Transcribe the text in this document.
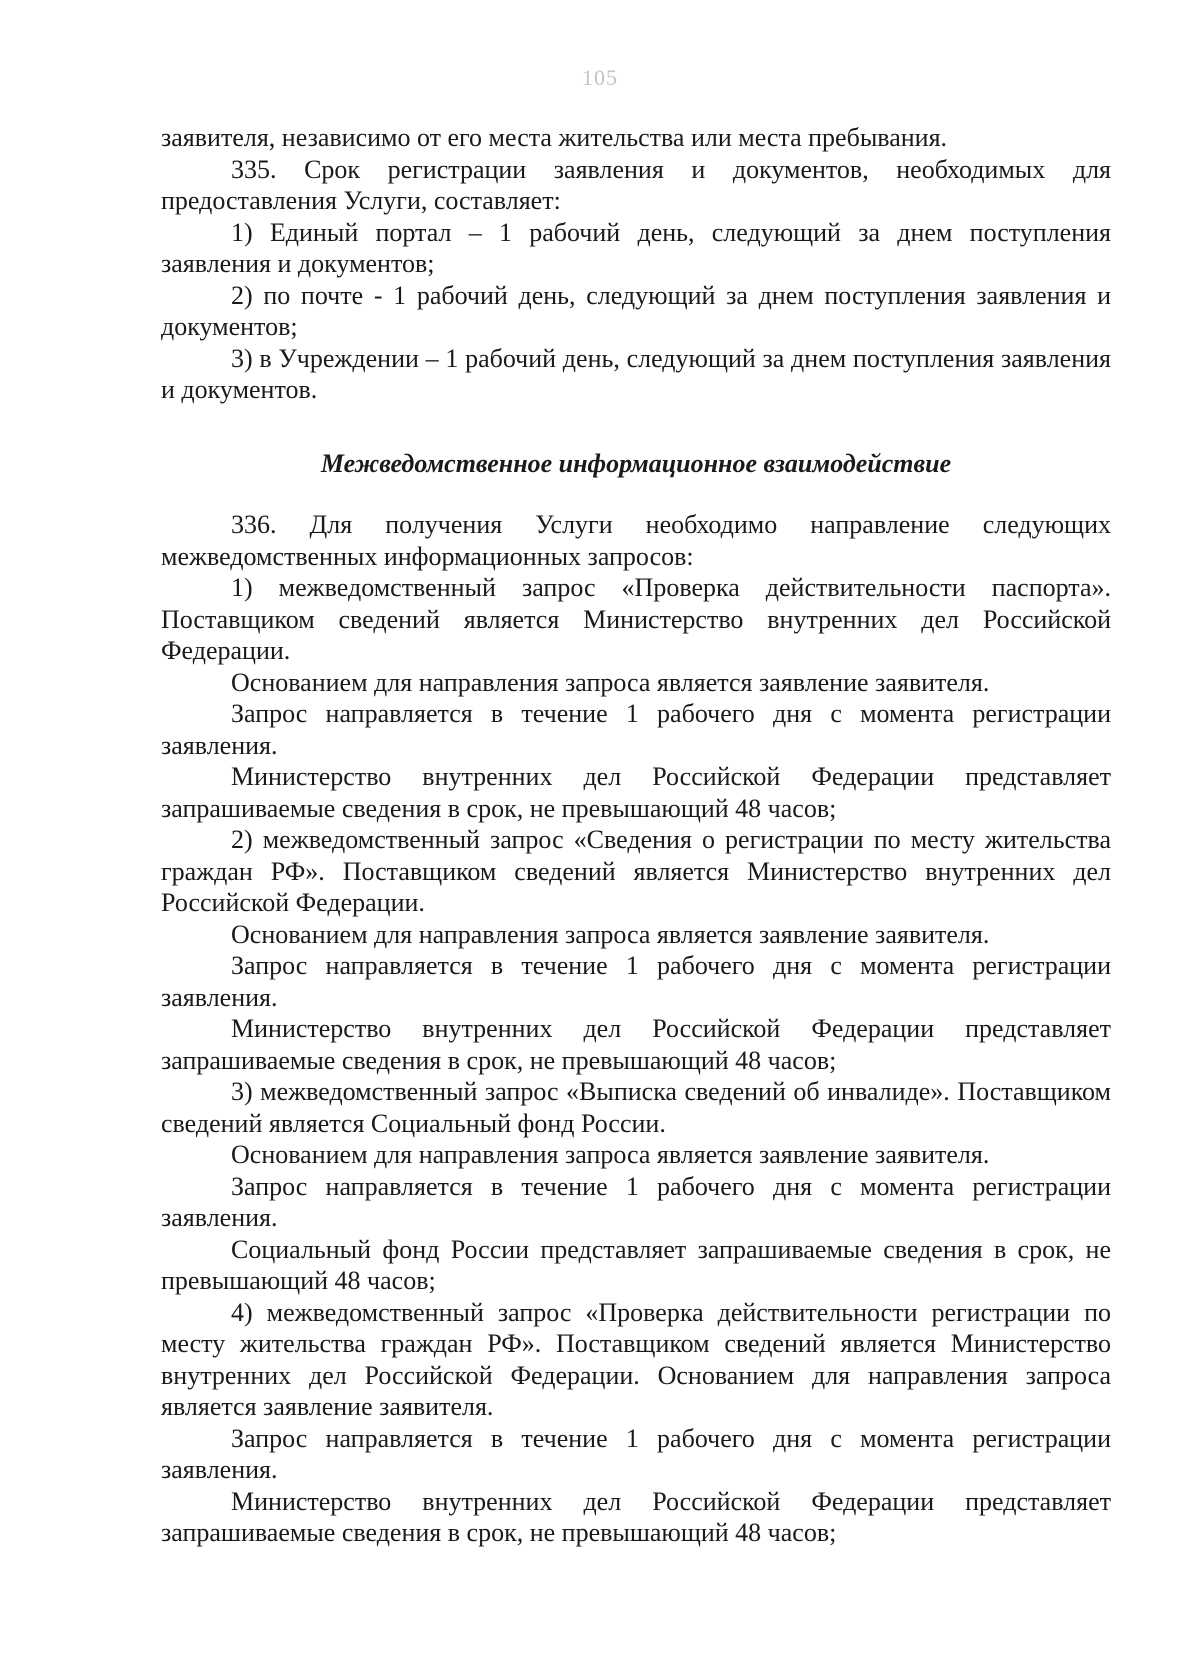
105

заявителя, независимо от его места жительства или места пребывания.

335. Срок регистрации заявления и документов, необходимых для предоставления Услуги, составляет:

1) Единый портал – 1 рабочий день, следующий за днем поступления заявления и документов;

2) по почте - 1 рабочий день, следующий за днем поступления заявления и документов;

3) в Учреждении – 1 рабочий день, следующий за днем поступления заявления и документов.

Межведомственное информационное взаимодействие

336. Для получения Услуги необходимо направление следующих межведомственных информационных запросов:

1) межведомственный запрос «Проверка действительности паспорта». Поставщиком сведений является Министерство внутренних дел Российской Федерации.

Основанием для направления запроса является заявление заявителя.

Запрос направляется в течение 1 рабочего дня с момента регистрации заявления.

Министерство внутренних дел Российской Федерации представляет запрашиваемые сведения в срок, не превышающий 48 часов;

2) межведомственный запрос «Сведения о регистрации по месту жительства граждан РФ». Поставщиком сведений является Министерство внутренних дел Российской Федерации.

Основанием для направления запроса является заявление заявителя.

Запрос направляется в течение 1 рабочего дня с момента регистрации заявления.

Министерство внутренних дел Российской Федерации представляет запрашиваемые сведения в срок, не превышающий 48 часов;

3) межведомственный запрос «Выписка сведений об инвалиде». Поставщиком сведений является Социальный фонд России.

Основанием для направления запроса является заявление заявителя.

Запрос направляется в течение 1 рабочего дня с момента регистрации заявления.

Социальный фонд России представляет запрашиваемые сведения в срок, не превышающий 48 часов;

4) межведомственный запрос «Проверка действительности регистрации по месту жительства граждан РФ». Поставщиком сведений является Министерство внутренних дел Российской Федерации. Основанием для направления запроса является заявление заявителя.

Запрос направляется в течение 1 рабочего дня с момента регистрации заявления.

Министерство внутренних дел Российской Федерации представляет запрашиваемые сведения в срок, не превышающий 48 часов;
